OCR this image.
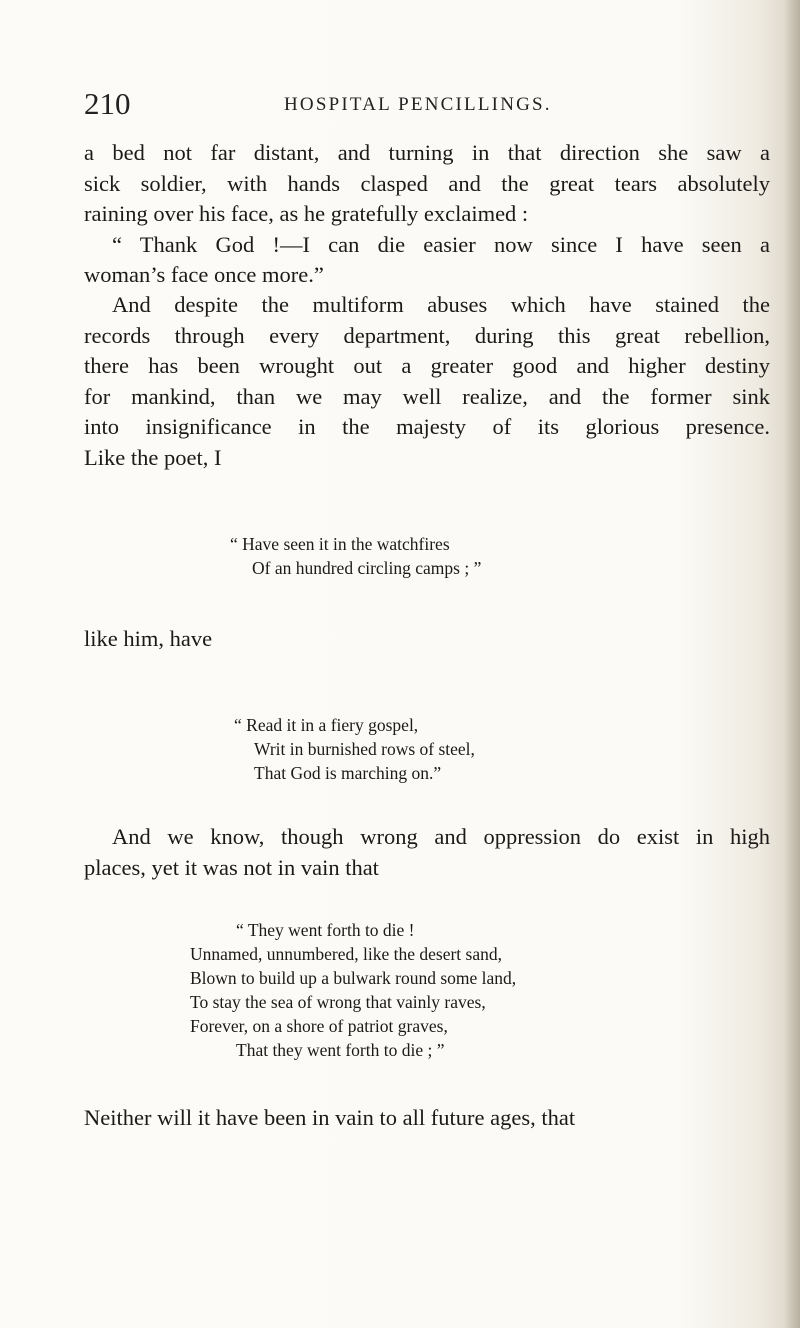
210	HOSPITAL PENCILLINGS.

a bed not far distant, and turning in that direction she saw a
sick soldier, with hands clasped and the great tears absolutely
raining over his face, as he gratefully exclaimed :
“ Thank God !—I can die easier now since I have seen a
woman’s face once more.”

And despite the multiform abuses which have stained the
records through every department, during this great rebellion,
there has been wrought out a greater good and higher destiny
for mankind, than we may well realize, and the former sink
into insignificance in the majesty of its glorious presence.
Like the poet, I

“ Have seen it in the watchfires
Of an hundred circling camps ; ”

like him, have

“ Read it in a fiery gospel,
Writ in burnished rows of steel,
That God is marching on.”

And we know, though wrong and oppression do exist in high
places, yet it was not in vain that

“ They went forth to die !
Unnamed, unnumbered, like the desert sand,
Blown to build up a bulwark round some land,
To stay the sea of wrong that vainly raves,
Forever, on a shore of patriot graves,
That they went forth to die ; ”

Neither will it have been in vain to all future ages, that
